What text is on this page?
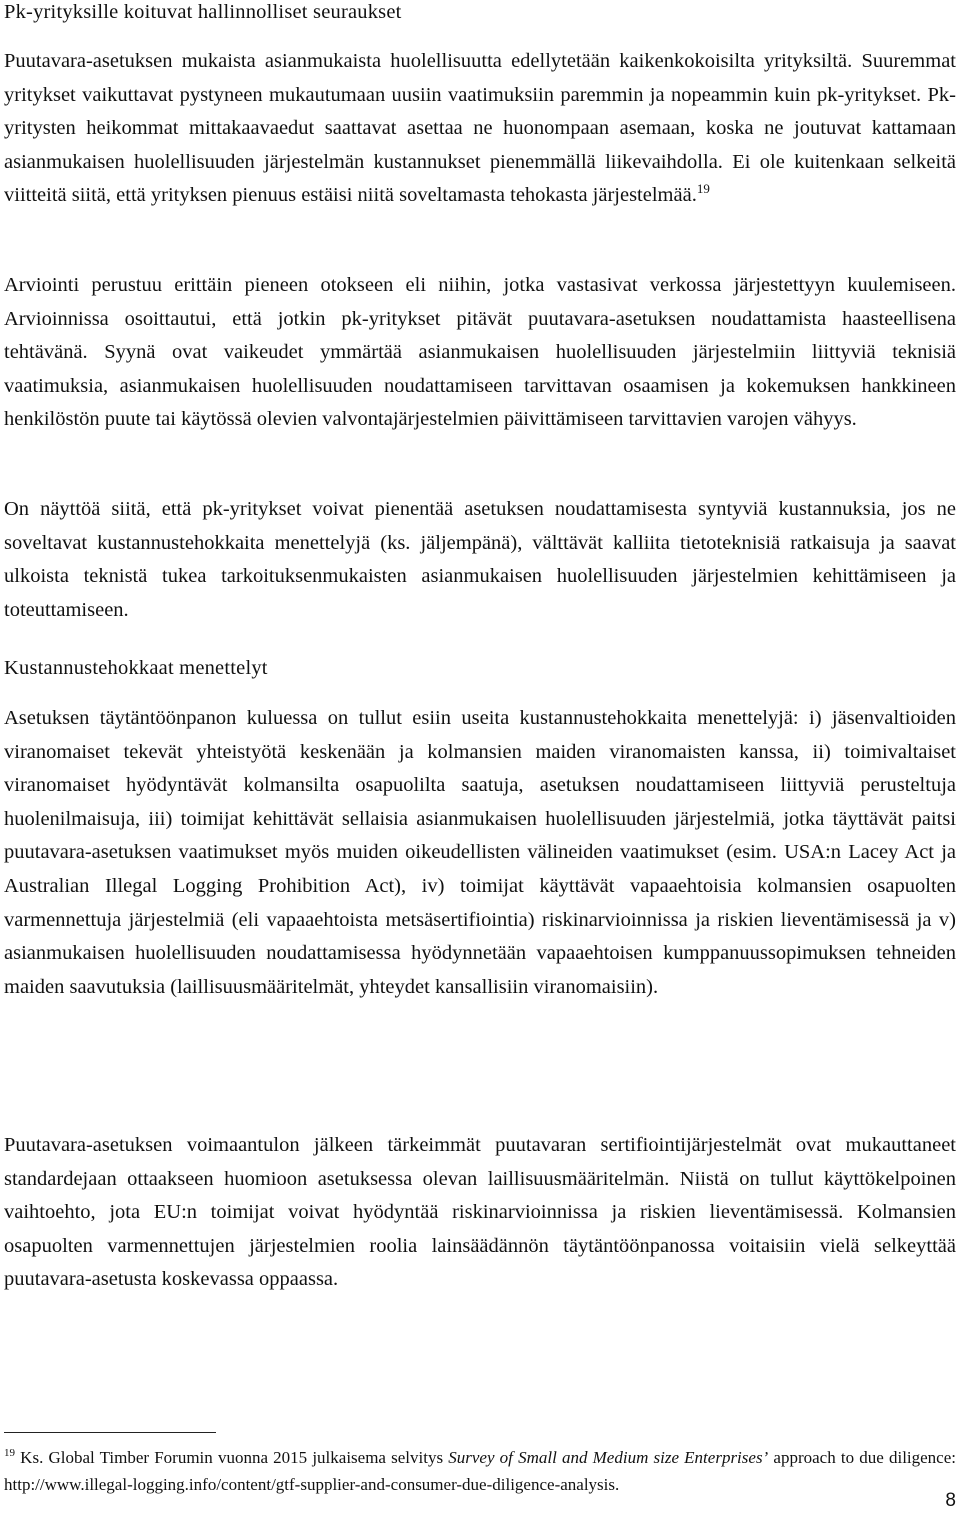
Pk-yrityksille koituvat hallinnolliset seuraukset

Puutavara-asetuksen mukaista asianmukaista huolellisuutta edellytetään kaikenkokoisilta yrityksiltä. Suuremmat yritykset vaikuttavat pystyneen mukautumaan uusiin vaatimuksiin paremmin ja nopeammin kuin pk-yritykset. Pk-yritysten heikommat mittakaavaedut saattavat asettaa ne huonompaan asemaan, koska ne joutuvat kattamaan asianmukaisen huolellisuuden järjestelmän kustannukset pienemmällä liikevaihdolla. Ei ole kuitenkaan selkeitä viitteitä siitä, että yrityksen pienuus estäisi niitä soveltamasta tehokasta järjestelmää.$^{19}$

Arviointi perustuu erittäin pieneen otokseen eli niihin, jotka vastasivat verkossa järjestettyyn kuulemiseen. Arvioinnissa osoittautui, että jotkin pk-yritykset pitävät puutavara-asetuksen noudattamista haasteellisena tehtävänä. Syynä ovat vaikeudet ymmärtää asianmukaisen huolellisuuden järjestelmiin liittyviä teknisiä vaatimuksia, asianmukaisen huolellisuuden noudattamiseen tarvittavan osaamisen ja kokemuksen hankkineen henkilöstön puute tai käytössä olevien valvontajärjestelmien päivittämiseen tarvittavien varojen vähyys.

On näyttöä siitä, että pk-yritykset voivat pienentää asetuksen noudattamisesta syntyviä kustannuksia, jos ne soveltavat kustannustehokkaita menettelyjä (ks. jäljempänä), välttävät kalliita tietoteknisiä ratkaisuja ja saavat ulkoista teknistä tukea tarkoituksenmukaisten asianmukaisen huolellisuuden järjestelmien kehittämiseen ja toteuttamiseen.

Kustannustehokkaat menettelyt

Asetuksen täytäntöönpanon kuluessa on tullut esiin useita kustannustehokkaita menettelyjä: i) jäsenvaltioiden viranomaiset tekevät yhteistyötä keskenään ja kolmansien maiden viranomaisten kanssa, ii) toimivaltaiset viranomaiset hyödyntävät kolmansilta osapuolilta saatuja, asetuksen noudattamiseen liittyviä perusteltuja huolenilmaisuja, iii) toimijat kehittävät sellaisia asianmukaisen huolellisuuden järjestelmiä, jotka täyttävät paitsi puutavara-asetuksen vaatimukset myös muiden oikeudellisten välineiden vaatimukset (esim. USA:n Lacey Act ja Australian Illegal Logging Prohibition Act), iv) toimijat käyttävät vapaaehtoisia kolmansien osapuolten varmennettuja järjestelmiä (eli vapaaehtoista metsäsertifiointia) riskinarvioinnissa ja riskien lieventämisessä ja v) asianmukaisen huolellisuuden noudattamisessa hyödynnetään vapaaehtoisen kumppanuussopimuksen tehneiden maiden saavutuksia (laillisuusmääritelmät, yhteydet kansallisiin viranomaisiin).

Puutavara-asetuksen voimaantulon jälkeen tärkeimmät puutavaran sertifiointijärjestelmät ovat mukauttaneet standardejaan ottaakseen huomioon asetuksessa olevan laillisuusmääritelmän. Niistä on tullut käyttökelpoinen vaihtoehto, jota EU:n toimijat voivat hyödyntää riskinarvioinnissa ja riskien lieventämisessä. Kolmansien osapuolten varmennettujen järjestelmien roolia lainsäädännön täytäntöönpanossa voitaisiin vielä selkeyttää puutavara-asetusta koskevassa oppaassa.

$^{19}$ Ks. Global Timber Forumin vuonna 2015 julkaisema selvitys Survey of Small and Medium size Enterprises’ approach to due diligence: http://www.illegal-logging.info/content/gtf-supplier-and-consumer-due-diligence-analysis.

8
